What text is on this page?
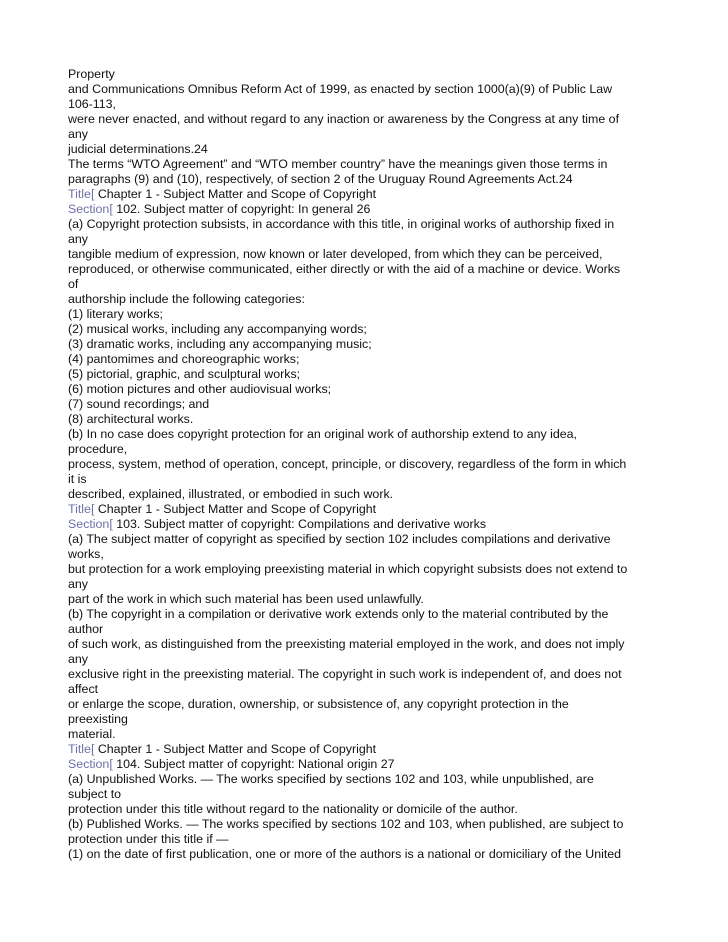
Property
and Communications Omnibus Reform Act of 1999, as enacted by section 1000(a)(9) of Public Law
106-113,
were never enacted, and without regard to any inaction or awareness by the Congress at any time of
any
judicial determinations.24
The terms “WTO Agreement” and “WTO member country” have the meanings given those terms in
paragraphs (9) and (10), respectively, of section 2 of the Uruguay Round Agreements Act.24
Title[ Chapter 1 - Subject Matter and Scope of Copyright
Section[ 102. Subject matter of copyright: In general 26
(a) Copyright protection subsists, in accordance with this title, in original works of authorship fixed in
any
tangible medium of expression, now known or later developed, from which they can be perceived,
reproduced, or otherwise communicated, either directly or with the aid of a machine or device. Works
of
authorship include the following categories:
(1) literary works;
(2) musical works, including any accompanying words;
(3) dramatic works, including any accompanying music;
(4) pantomimes and choreographic works;
(5) pictorial, graphic, and sculptural works;
(6) motion pictures and other audiovisual works;
(7) sound recordings; and
(8) architectural works.
(b) In no case does copyright protection for an original work of authorship extend to any idea,
procedure,
process, system, method of operation, concept, principle, or discovery, regardless of the form in which
it is
described, explained, illustrated, or embodied in such work.
Title[ Chapter 1 - Subject Matter and Scope of Copyright
Section[ 103. Subject matter of copyright: Compilations and derivative works
(a) The subject matter of copyright as specified by section 102 includes compilations and derivative
works,
but protection for a work employing preexisting material in which copyright subsists does not extend to
any
part of the work in which such material has been used unlawfully.
(b) The copyright in a compilation or derivative work extends only to the material contributed by the
author
of such work, as distinguished from the preexisting material employed in the work, and does not imply
any
exclusive right in the preexisting material. The copyright in such work is independent of, and does not
affect
or enlarge the scope, duration, ownership, or subsistence of, any copyright protection in the
preexisting
material.
Title[ Chapter 1 - Subject Matter and Scope of Copyright
Section[ 104. Subject matter of copyright: National origin 27
(a) Unpublished Works. — The works specified by sections 102 and 103, while unpublished, are
subject to
protection under this title without regard to the nationality or domicile of the author.
(b) Published Works. — The works specified by sections 102 and 103, when published, are subject to
protection under this title if —
(1) on the date of first publication, one or more of the authors is a national or domiciliary of the United
